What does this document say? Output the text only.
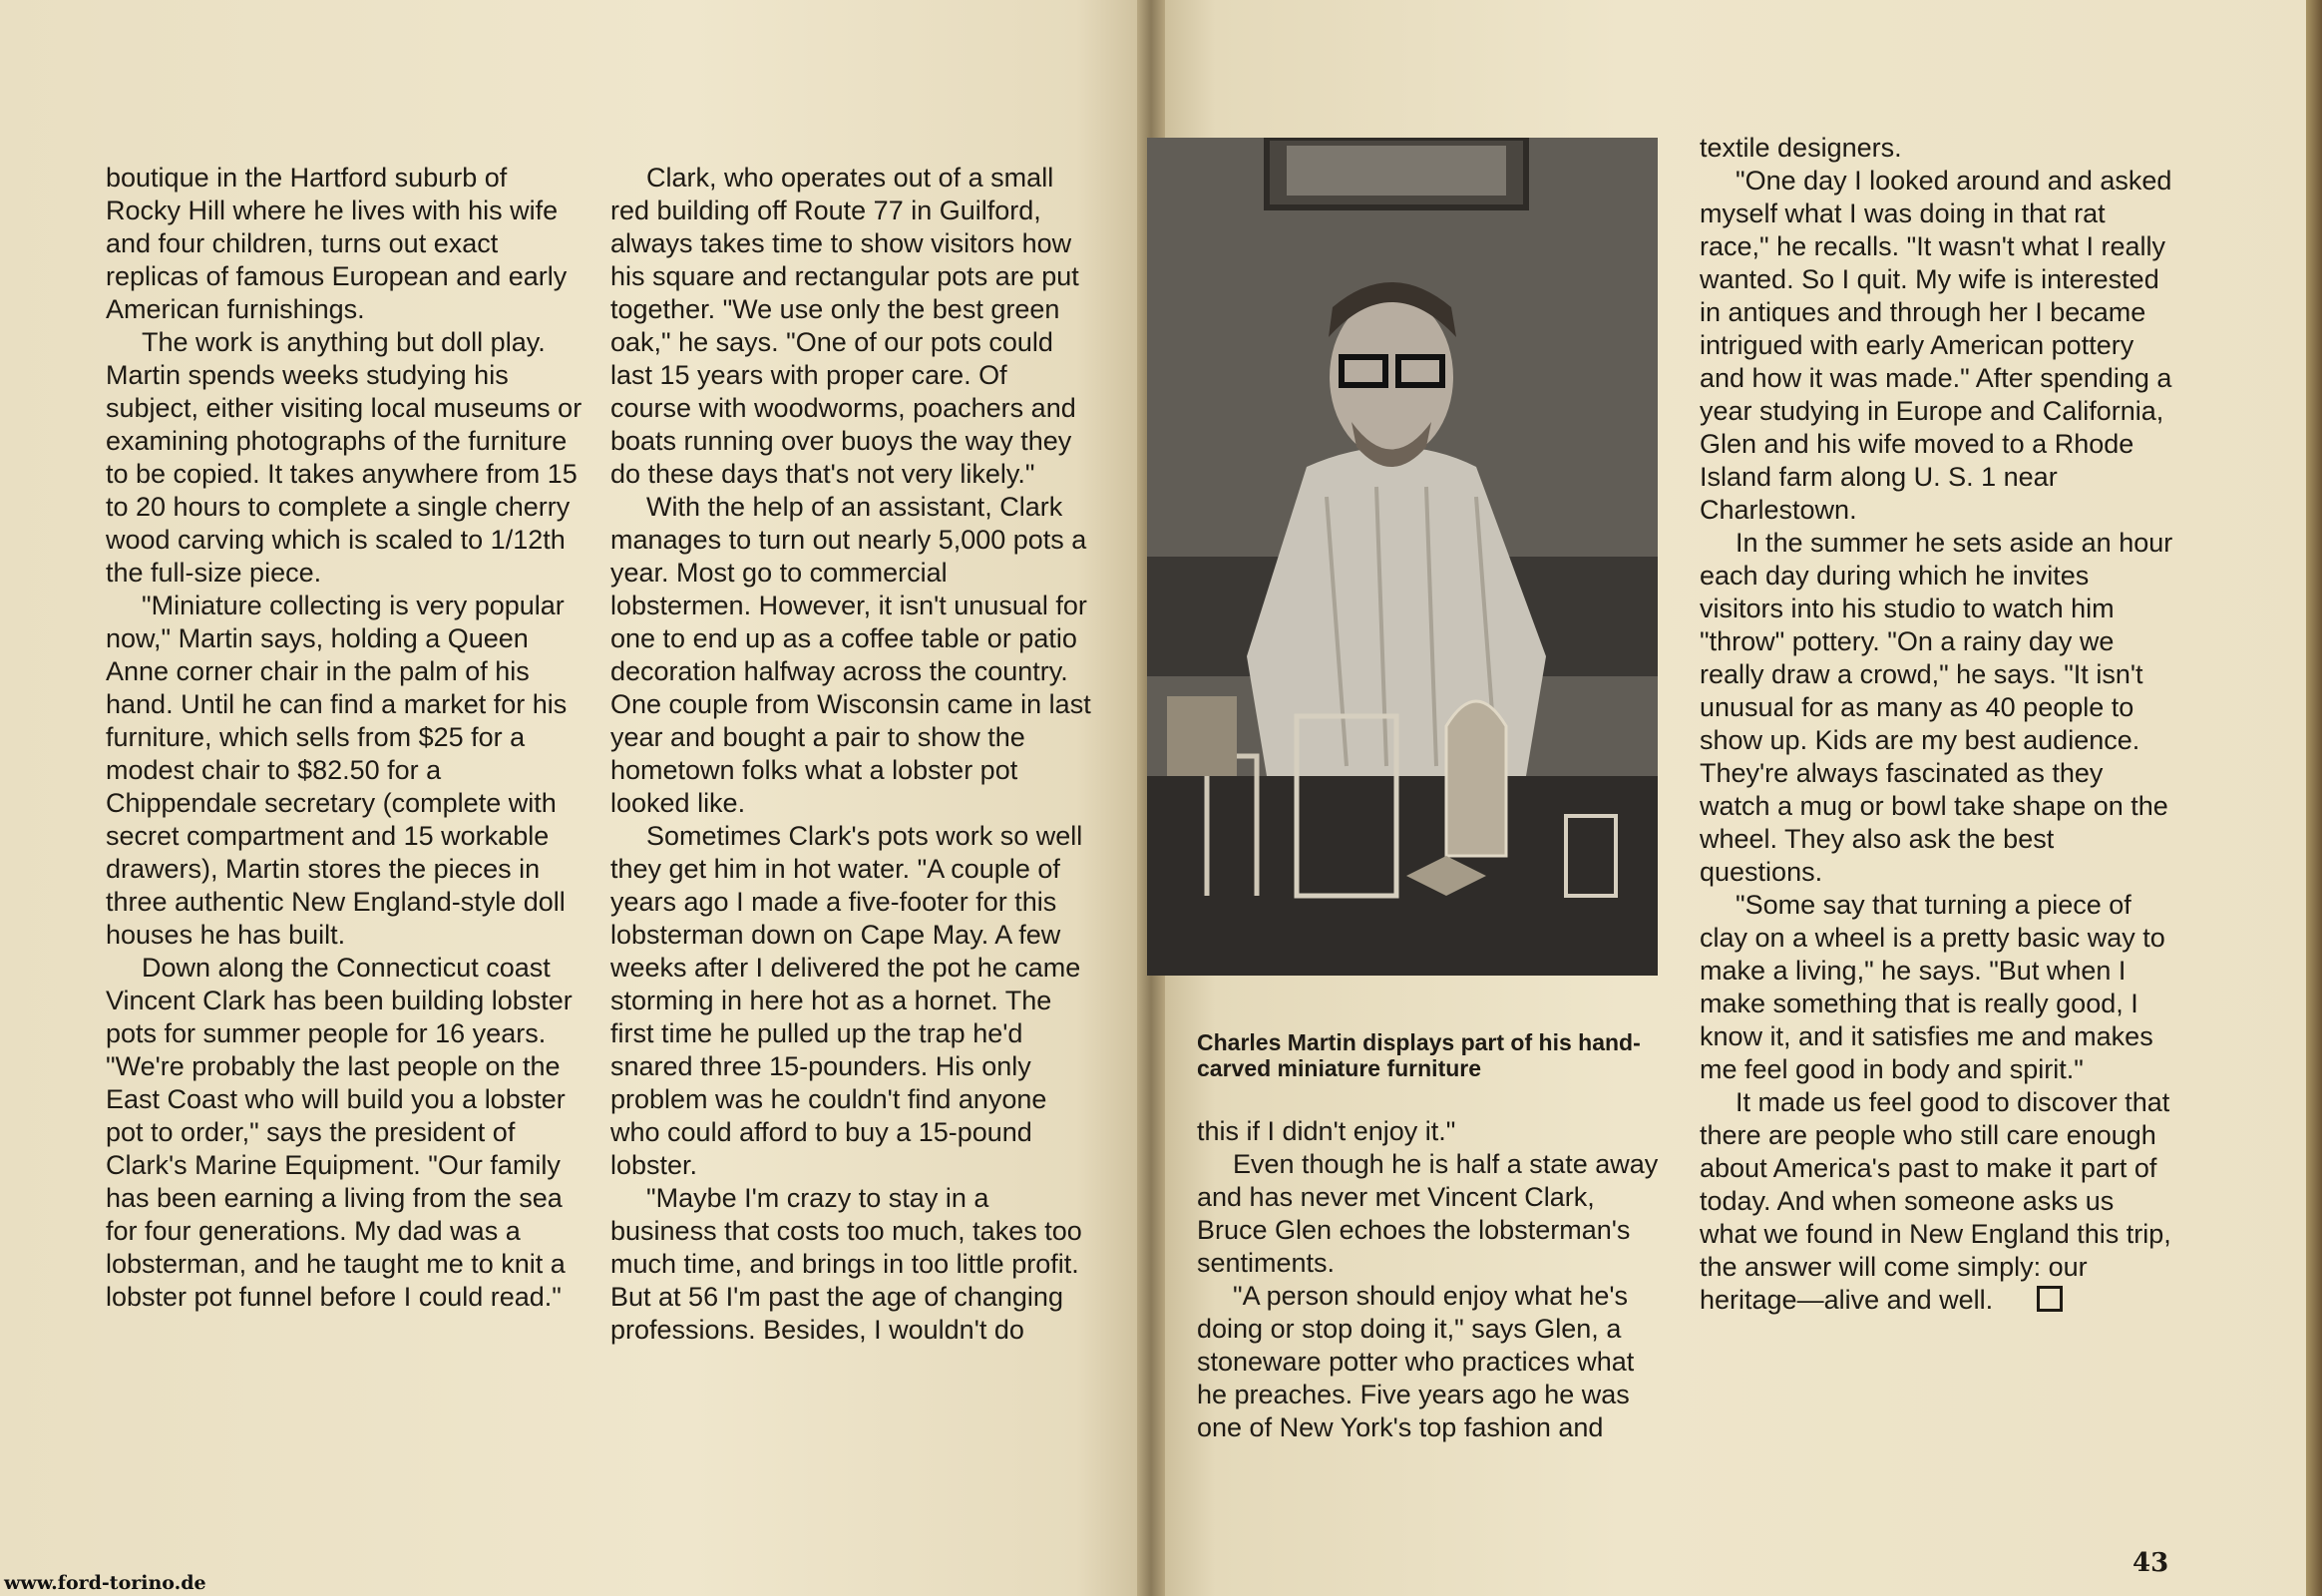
boutique in the Hartford suburb of Rocky Hill where he lives with his wife and four children, turns out exact replicas of famous European and early American furnishings.

The work is anything but doll play. Martin spends weeks studying his subject, either visiting local museums or examining photographs of the furniture to be copied. It takes anywhere from 15 to 20 hours to complete a single cherry wood carving which is scaled to 1/12th the full-size piece.

"Miniature collecting is very popular now," Martin says, holding a Queen Anne corner chair in the palm of his hand. Until he can find a market for his furniture, which sells from $25 for a modest chair to $82.50 for a Chippendale secretary (complete with secret compartment and 15 workable drawers), Martin stores the pieces in three authentic New England-style doll houses he has built.

Down along the Connecticut coast Vincent Clark has been building lobster pots for summer people for 16 years. "We're probably the last people on the East Coast who will build you a lobster pot to order," says the president of Clark's Marine Equipment. "Our family has been earning a living from the sea for four generations. My dad was a lobsterman, and he taught me to knit a lobster pot funnel before I could read."

Clark, who operates out of a small red building off Route 77 in Guilford, always takes time to show visitors how his square and rectangular pots are put together. "We use only the best green oak," he says. "One of our pots could last 15 years with proper care. Of course with woodworms, poachers and boats running over buoys the way they do these days that's not very likely."

With the help of an assistant, Clark manages to turn out nearly 5,000 pots a year. Most go to commercial lobstermen. However, it isn't unusual for one to end up as a coffee table or patio decoration halfway across the country. One couple from Wisconsin came in last year and bought a pair to show the hometown folks what a lobster pot looked like.

Sometimes Clark's pots work so well they get him in hot water. "A couple of years ago I made a five-footer for this lobsterman down on Cape May. A few weeks after I delivered the pot he came storming in here hot as a hornet. The first time he pulled up the trap he'd snared three 15-pounders. His only problem was he couldn't find anyone who could afford to buy a 15-pound lobster.

"Maybe I'm crazy to stay in a business that costs too much, takes too much time, and brings in too little profit. But at 56 I'm past the age of changing professions. Besides, I wouldn't do

Charles Martin displays part of his hand-carved miniature furniture

this if I didn't enjoy it."

Even though he is half a state away and has never met Vincent Clark, Bruce Glen echoes the lobsterman's sentiments.

"A person should enjoy what he's doing or stop doing it," says Glen, a stoneware potter who practices what he preaches. Five years ago he was one of New York's top fashion and

textile designers.

"One day I looked around and asked myself what I was doing in that rat race," he recalls. "It wasn't what I really wanted. So I quit. My wife is interested in antiques and through her I became intrigued with early American pottery and how it was made." After spending a year studying in Europe and California, Glen and his wife moved to a Rhode Island farm along U. S. 1 near Charlestown.

In the summer he sets aside an hour each day during which he invites visitors into his studio to watch him "throw" pottery. "On a rainy day we really draw a crowd," he says. "It isn't unusual for as many as 40 people to show up. Kids are my best audience. They're always fascinated as they watch a mug or bowl take shape on the wheel. They also ask the best questions.

"Some say that turning a piece of clay on a wheel is a pretty basic way to make a living," he says. "But when I make something that is really good, I know it, and it satisfies me and makes me feel good in body and spirit."

It made us feel good to discover that there are people who still care enough about America's past to make it part of today. And when someone asks us what we found in New England this trip, the answer will come simply: our heritage—alive and well.

43
www.ford-torino.de
